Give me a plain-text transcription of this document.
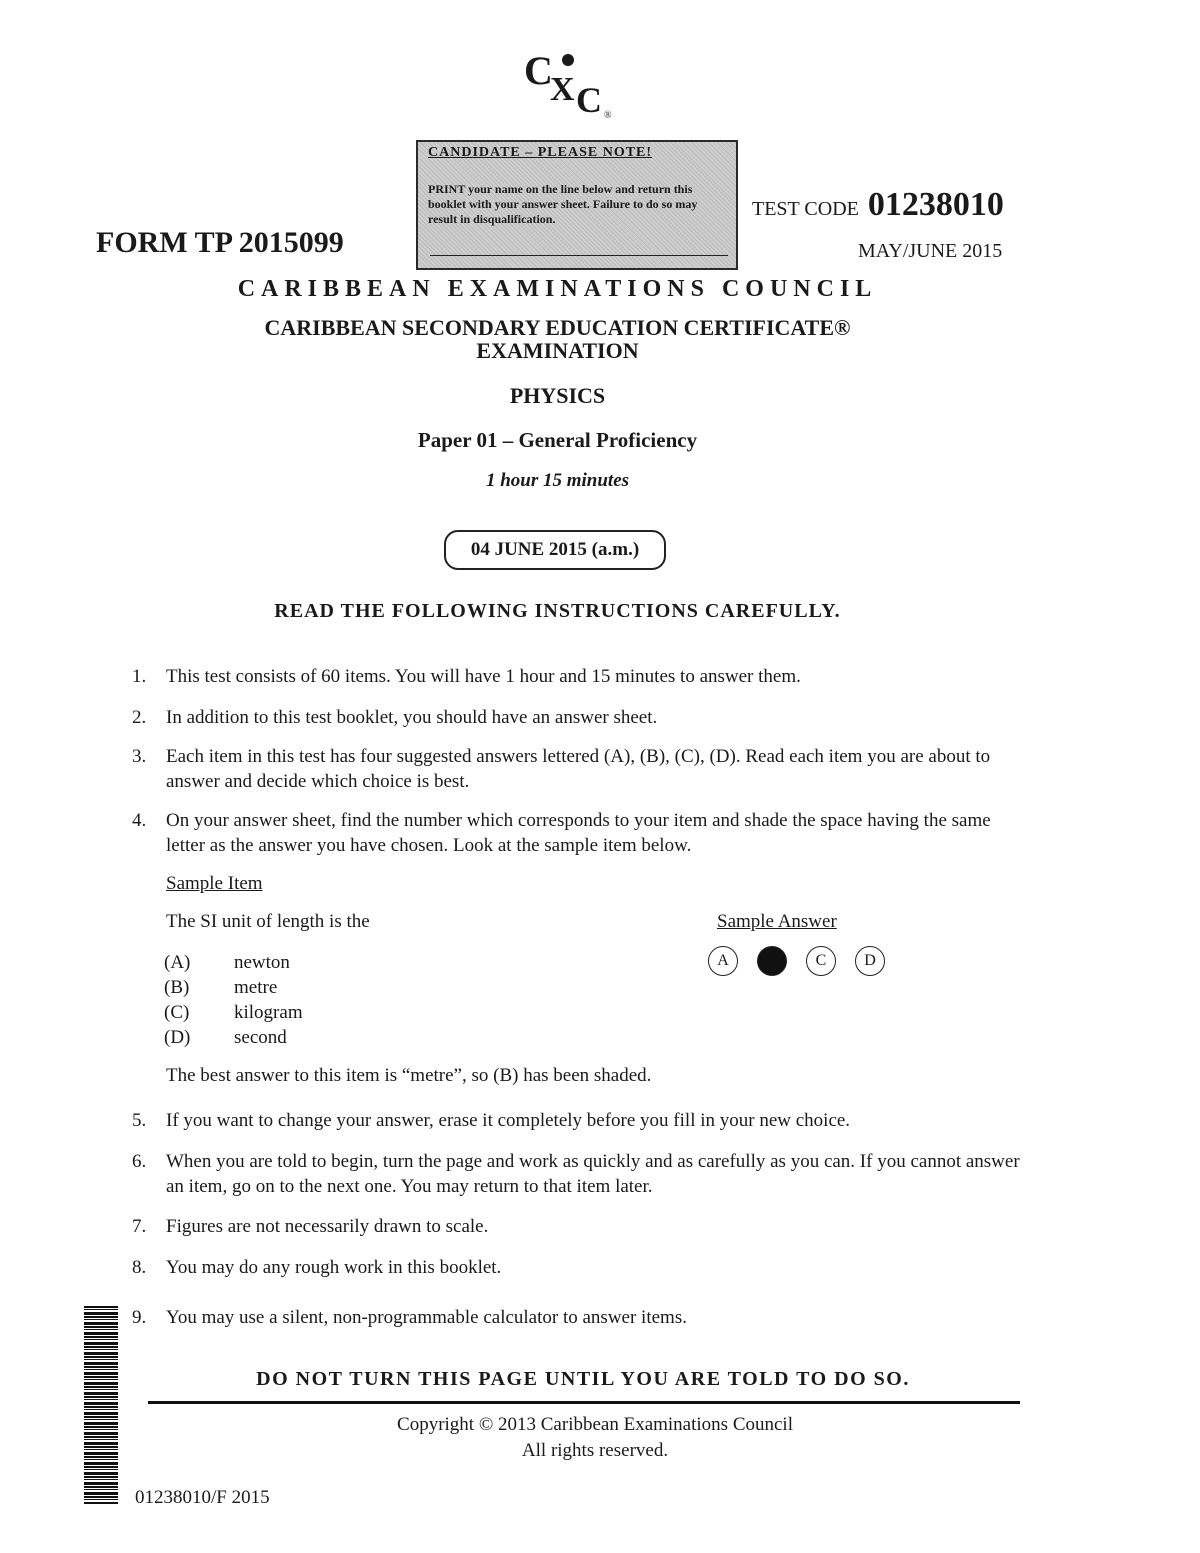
C
X C ®
CANDIDATE – PLEASE NOTE!
PRINT your name on the line below and return this booklet with your answer sheet. Failure to do so may result in disqualification.
FORM TP 2015099
TEST CODE 01238010
MAY/JUNE 2015
CARIBBEAN EXAMINATIONS COUNCIL
CARIBBEAN SECONDARY EDUCATION CERTIFICATE®
EXAMINATION
PHYSICS
Paper 01 – General Proficiency
1 hour 15 minutes
04 JUNE 2015 (a.m.)
READ THE FOLLOWING INSTRUCTIONS CAREFULLY.
1. This test consists of 60 items. You will have 1 hour and 15 minutes to answer them.
2. In addition to this test booklet, you should have an answer sheet.
3. Each item in this test has four suggested answers lettered (A), (B), (C), (D). Read each item you are about to answer and decide which choice is best.
4. On your answer sheet, find the number which corresponds to your item and shade the space having the same letter as the answer you have chosen. Look at the sample item below.
Sample Item
The SI unit of length is the
(A) newton
(B) metre
(C) kilogram
(D) second
Sample Answer
A B C D
The best answer to this item is “metre”, so (B) has been shaded.
5. If you want to change your answer, erase it completely before you fill in your new choice.
6. When you are told to begin, turn the page and work as quickly and as carefully as you can. If you cannot answer an item, go on to the next one. You may return to that item later.
7. Figures are not necessarily drawn to scale.
8. You may do any rough work in this booklet.
9. You may use a silent, non-programmable calculator to answer items.
DO NOT TURN THIS PAGE UNTIL YOU ARE TOLD TO DO SO.
Copyright © 2013 Caribbean Examinations Council
All rights reserved.
01238010/F 2015
